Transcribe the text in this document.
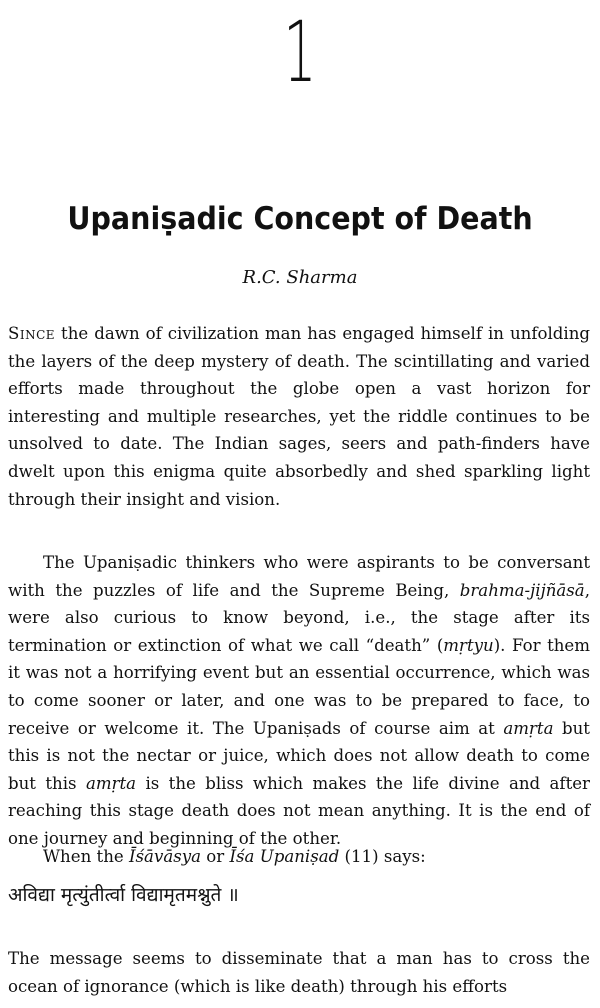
1
Upaniṣadic Concept of Death
R.C. Sharma
Since the dawn of civilization man has engaged himself in unfolding the layers of the deep mystery of death. The scintillating and varied efforts made throughout the globe open a vast horizon for interesting and multiple researches, yet the riddle continues to be unsolved to date. The Indian sages, seers and path-finders have dwelt upon this enigma quite absorbedly and shed sparkling light through their insight and vision.
The Upaniṣadic thinkers who were aspirants to be conversant with the puzzles of life and the Supreme Being, brahma-jijñāsā, were also curious to know beyond, i.e., the stage after its termination or extinction of what we call “death” (mṛtyu). For them it was not a horrifying event but an essential occurrence, which was to come sooner or later, and one was to be prepared to face, to receive or welcome it. The Upaniṣads of course aim at amṛta but this is not the nectar or juice, which does not allow death to come but this amṛta is the bliss which makes the life divine and after reaching this stage death does not mean anything. It is the end of one journey and beginning of the other.
When the Īśāvāsya or Īśa Upaniṣad (11) says:
अविद्या मृत्युंतीर्त्वा विद्यामृतमश्नुते ॥
The message seems to disseminate that a man has to cross the ocean of ignorance (which is like death) through his efforts
